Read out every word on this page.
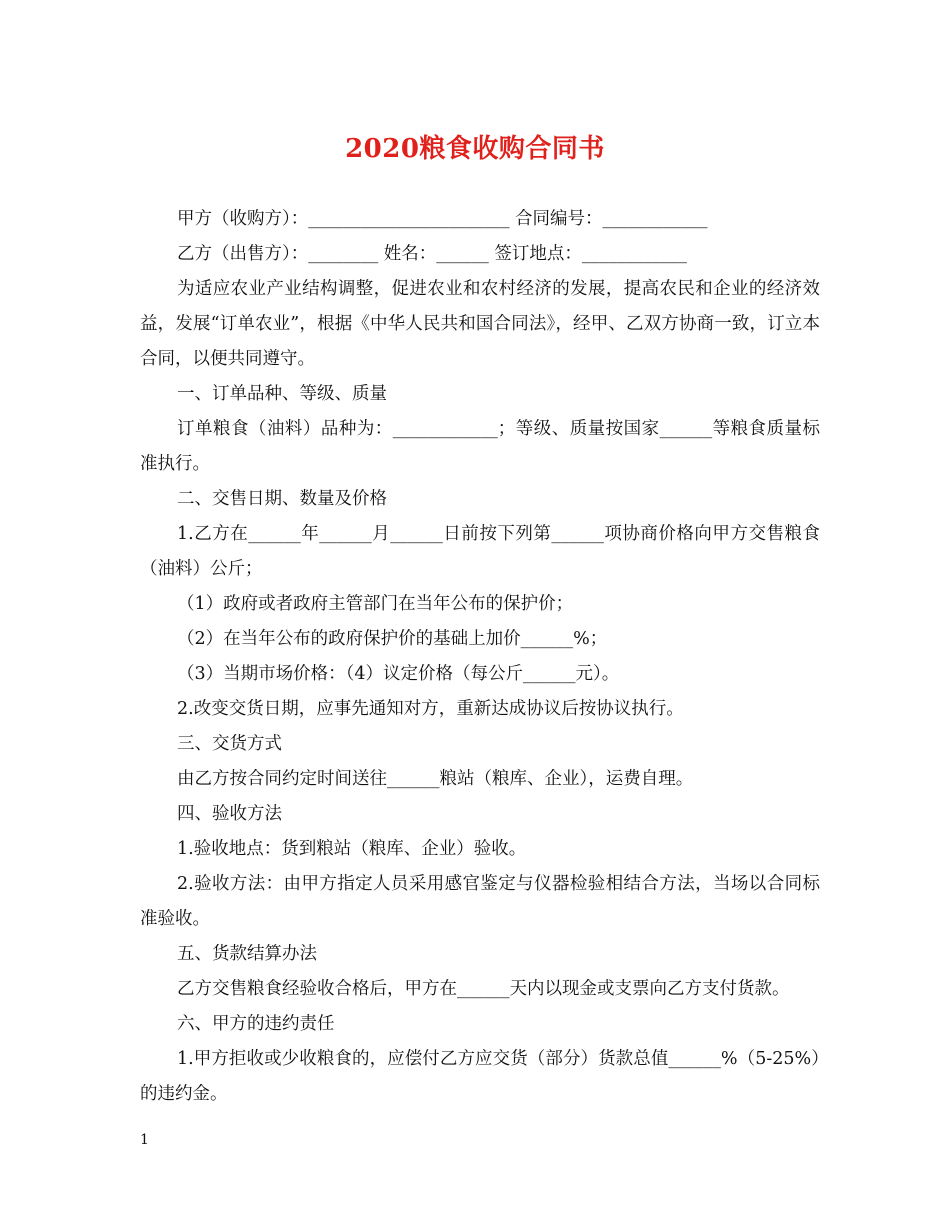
2020粮食收购合同书

甲方（收购方）：_______________________ 合同编号：____________

乙方（出售方）：________ 姓名：______ 签订地点：____________

为适应农业产业结构调整，促进农业和农村经济的发展，提高农民和企业的经济效益，发展“订单农业”，根据《中华人民共和国合同法》，经甲、乙双方协商一致，订立本合同，以便共同遵守。

一、订单品种、等级、质量

订单粮食（油料）品种为：____________；等级、质量按国家______等粮食质量标准执行。

二、交售日期、数量及价格

1.乙方在______年______月______日前按下列第______项协商价格向甲方交售粮食（油料）公斤；

（1）政府或者政府主管部门在当年公布的保护价；

（2）在当年公布的政府保护价的基础上加价______%；

（3）当期市场价格：（4）议定价格（每公斤______元）。

2.改变交货日期，应事先通知对方，重新达成协议后按协议执行。

三、交货方式

由乙方按合同约定时间送往______粮站（粮库、企业），运费自理。

四、验收方法

1.验收地点：货到粮站（粮库、企业）验收。

2.验收方法：由甲方指定人员采用感官鉴定与仪器检验相结合方法，当场以合同标准验收。

五、货款结算办法

乙方交售粮食经验收合格后，甲方在______天内以现金或支票向乙方支付货款。

六、甲方的违约责任

1.甲方拒收或少收粮食的，应偿付乙方应交货（部分）货款总值______%（5-25%）的违约金。

1
